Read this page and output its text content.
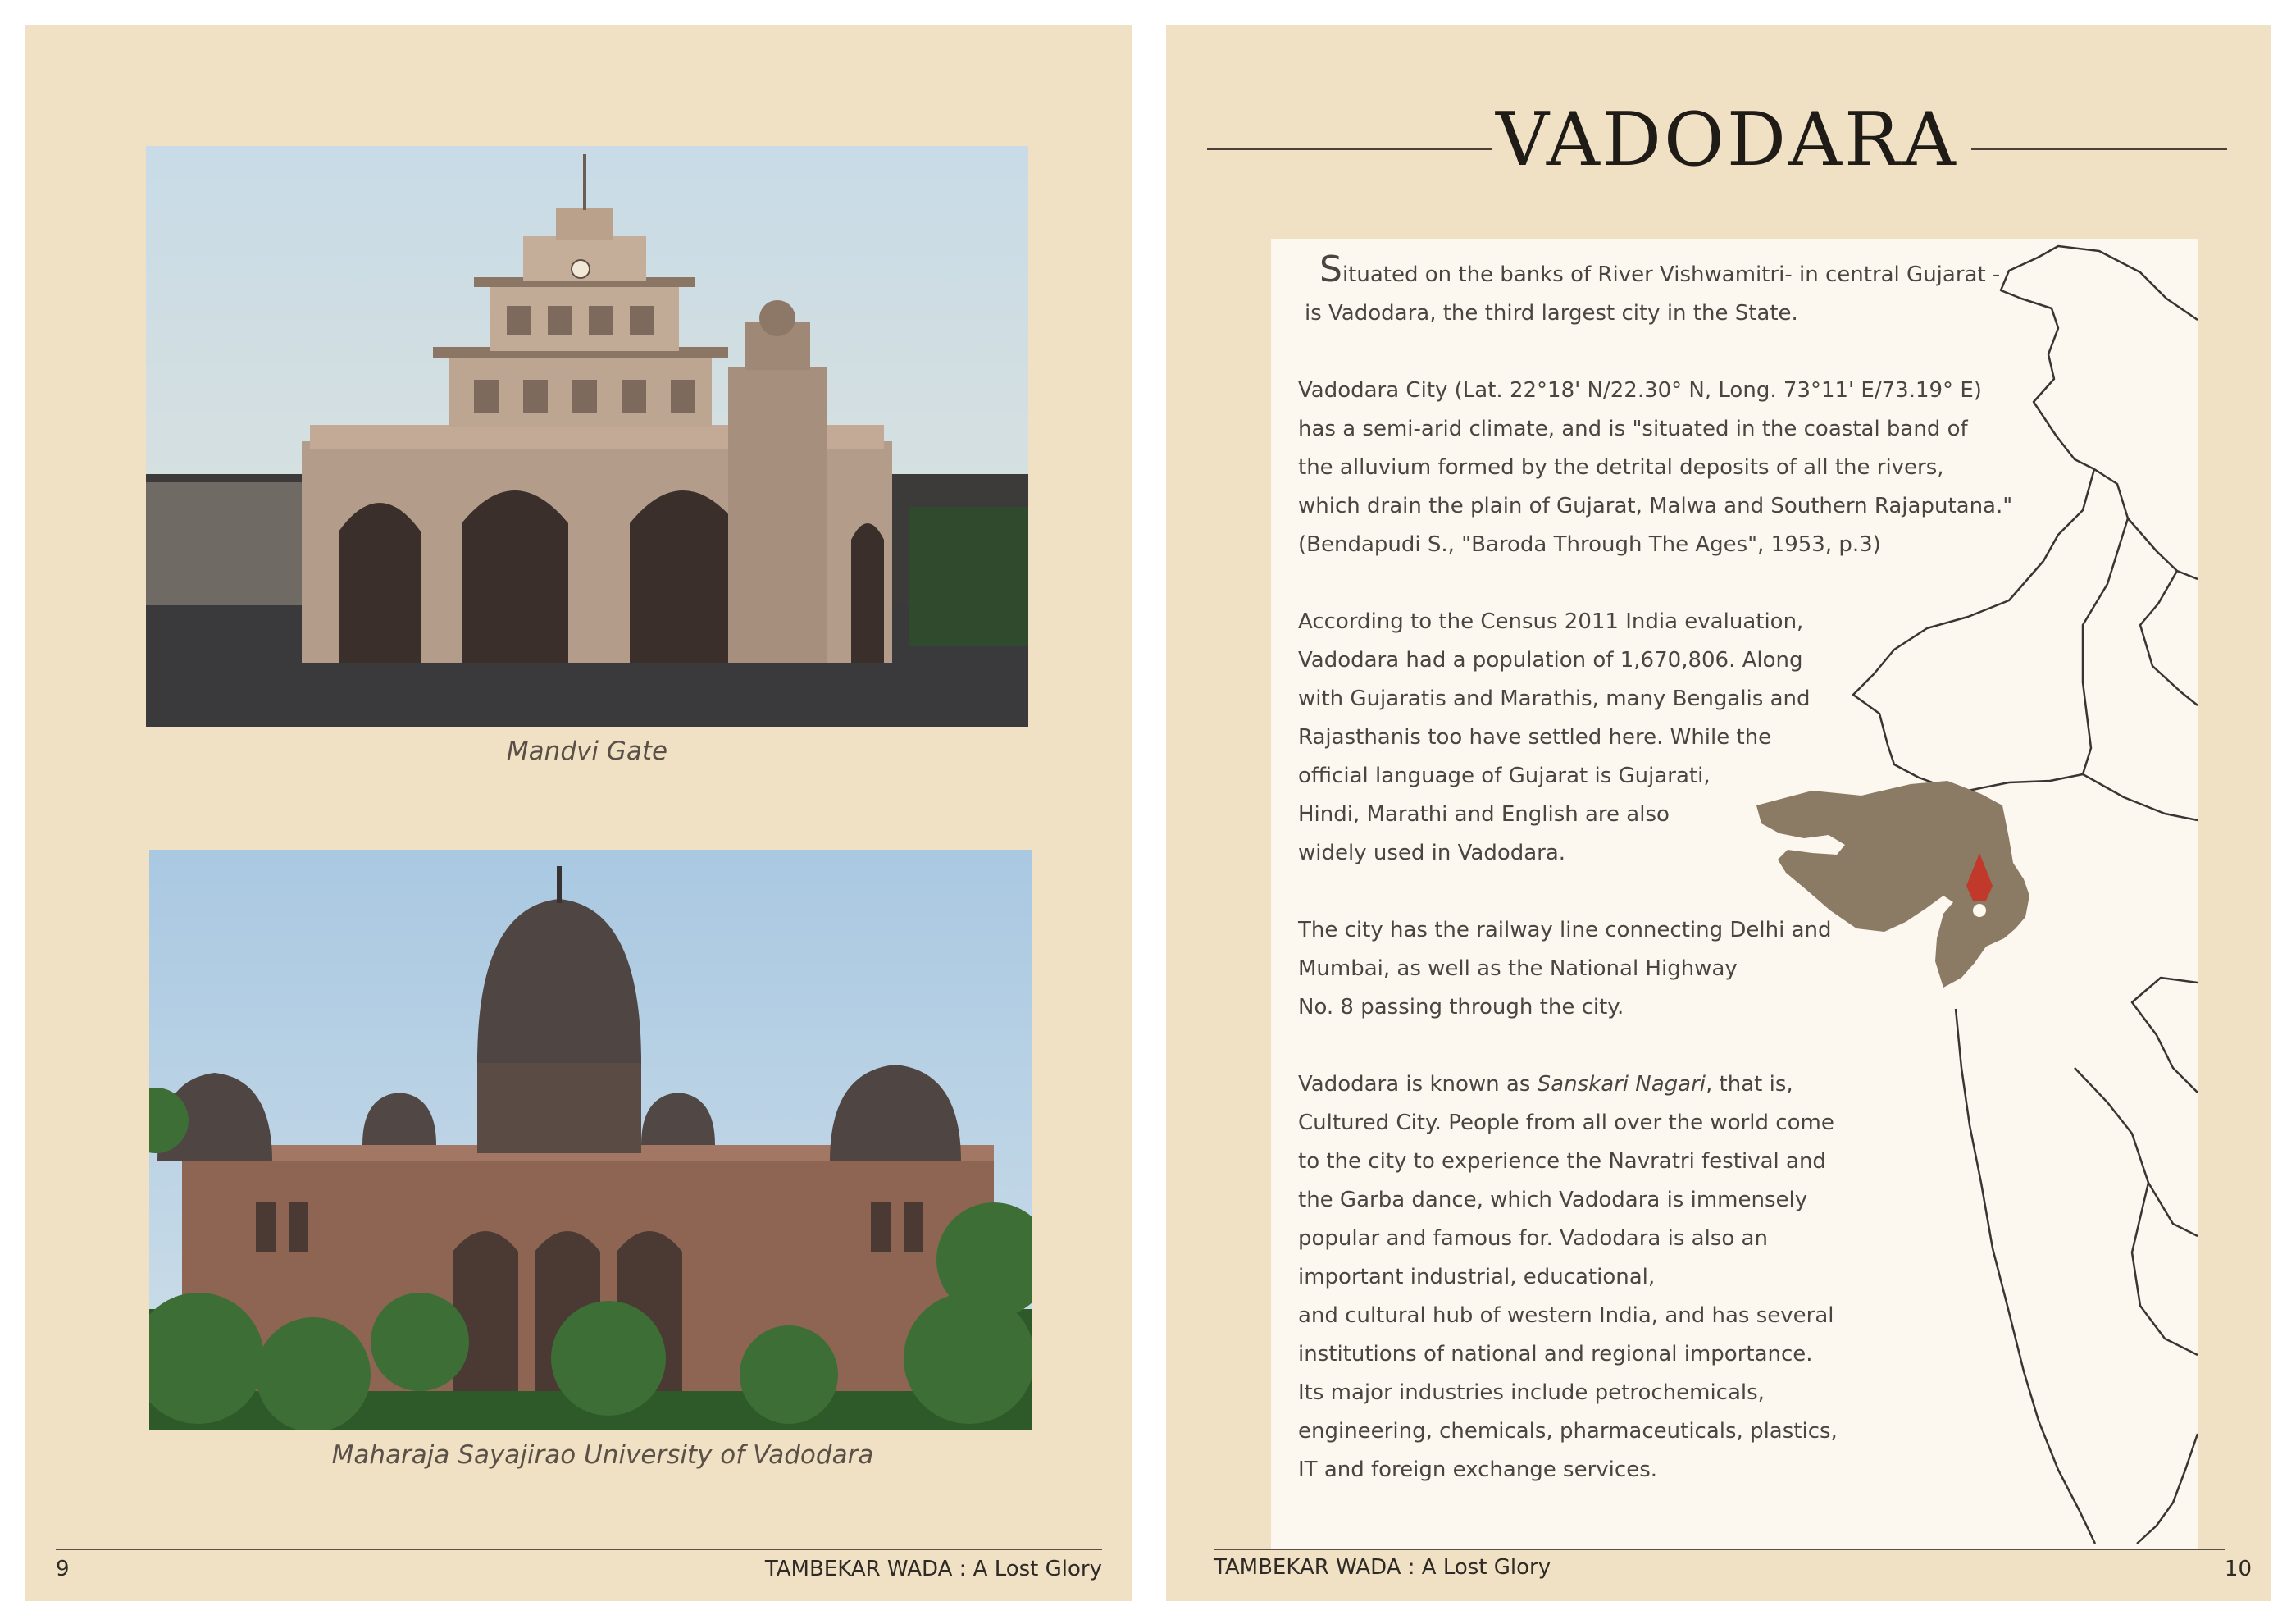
Mandvi Gate
Maharaja Sayajirao University of Vadodara
9	TAMBEKAR WADA : A Lost Glory
VADODARA

Situated on the banks of River Vishwamitri- in central Gujarat -
is Vadodara, the third largest city in the State.

Vadodara City (Lat. 22°18' N/22.30° N, Long. 73°11' E/73.19° E)
has a semi-arid climate, and is "situated in the coastal band of
the alluvium formed by the detrital deposits of all the rivers,
which drain the plain of Gujarat, Malwa and Southern Rajaputana."
(Bendapudi S., "Baroda Through The Ages", 1953, p.3)

According to the Census 2011 India evaluation,
Vadodara had a population of 1,670,806. Along
with Gujaratis and Marathis, many Bengalis and
Rajasthanis too have settled here. While the
official language of Gujarat is Gujarati,
Hindi, Marathi and English are also
widely used in Vadodara.

The city has the railway line connecting Delhi and
Mumbai, as well as the National Highway
No. 8 passing through the city.

Vadodara is known as Sanskari Nagari, that is,
Cultured City. People from all over the world come
to the city to experience the Navratri festival and
the Garba dance, which Vadodara is immensely
popular and famous for. Vadodara is also an
important industrial, educational,
and cultural hub of western India, and has several
institutions of national and regional importance.
Its major industries include petrochemicals,
engineering, chemicals, pharmaceuticals, plastics,
IT and foreign exchange services.

TAMBEKAR WADA : A Lost Glory	10
